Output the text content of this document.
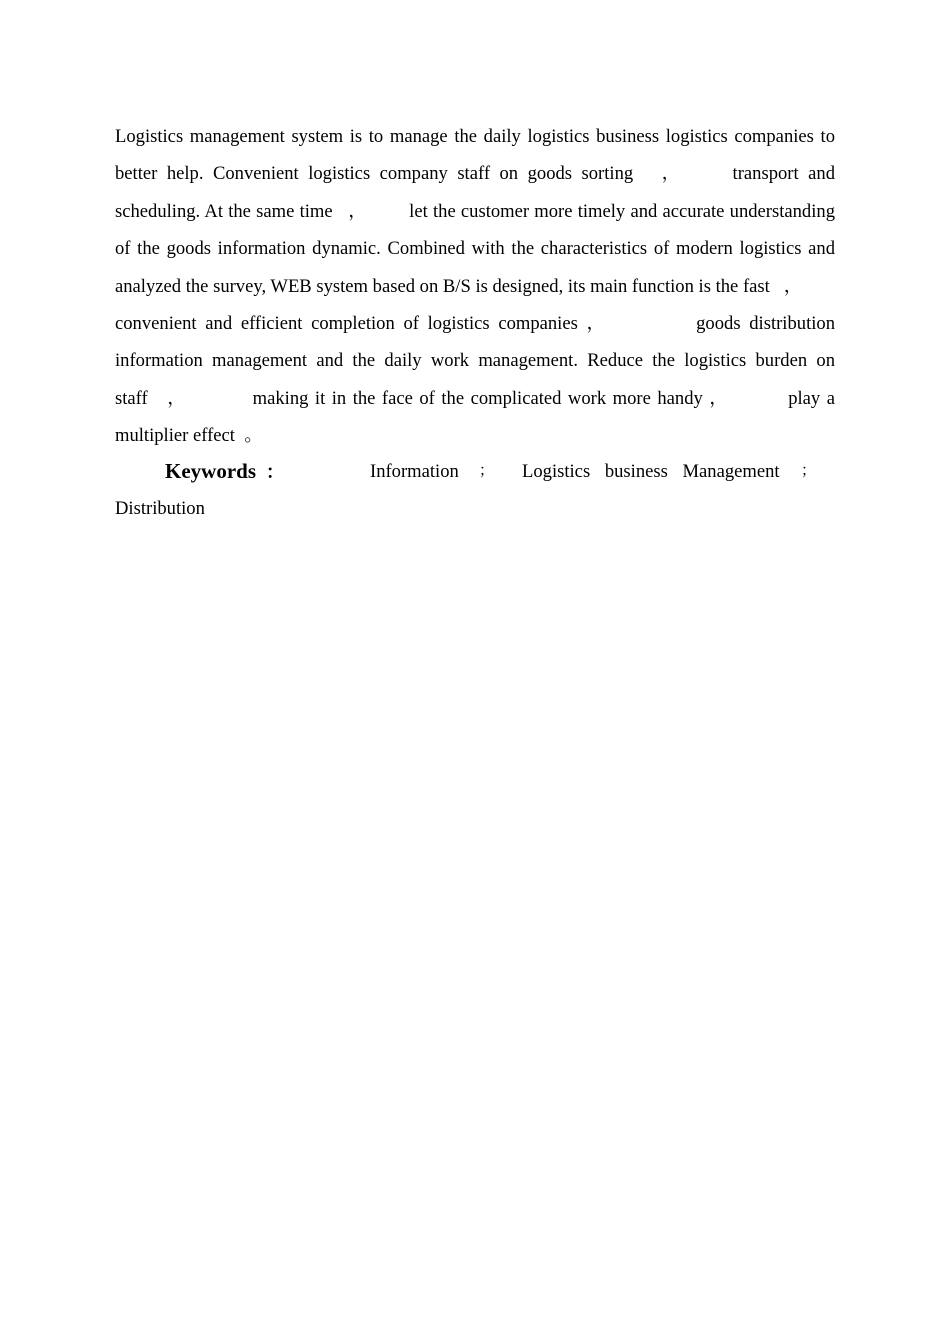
Logistics management system is to manage the daily logistics business logistics companies to
better help. Convenient logistics company staff on goods sorting   ，     transport and
scheduling. At the same time   ，        let the customer more timely and accurate understanding
of the goods information dynamic. Combined with the characteristics of modern logistics and
analyzed the survey, WEB system based on B/S is designed, its main function is the fast   ，
convenient and efficient completion of logistics companies ，          goods distribution
information management and the daily work management. Reduce the logistics burden on
staff   ，          making it in the face of the complicated work more handy ，         play a
multiplier effect  。
Keywords ：	Information ； Logistics business Management ；
Distribution
